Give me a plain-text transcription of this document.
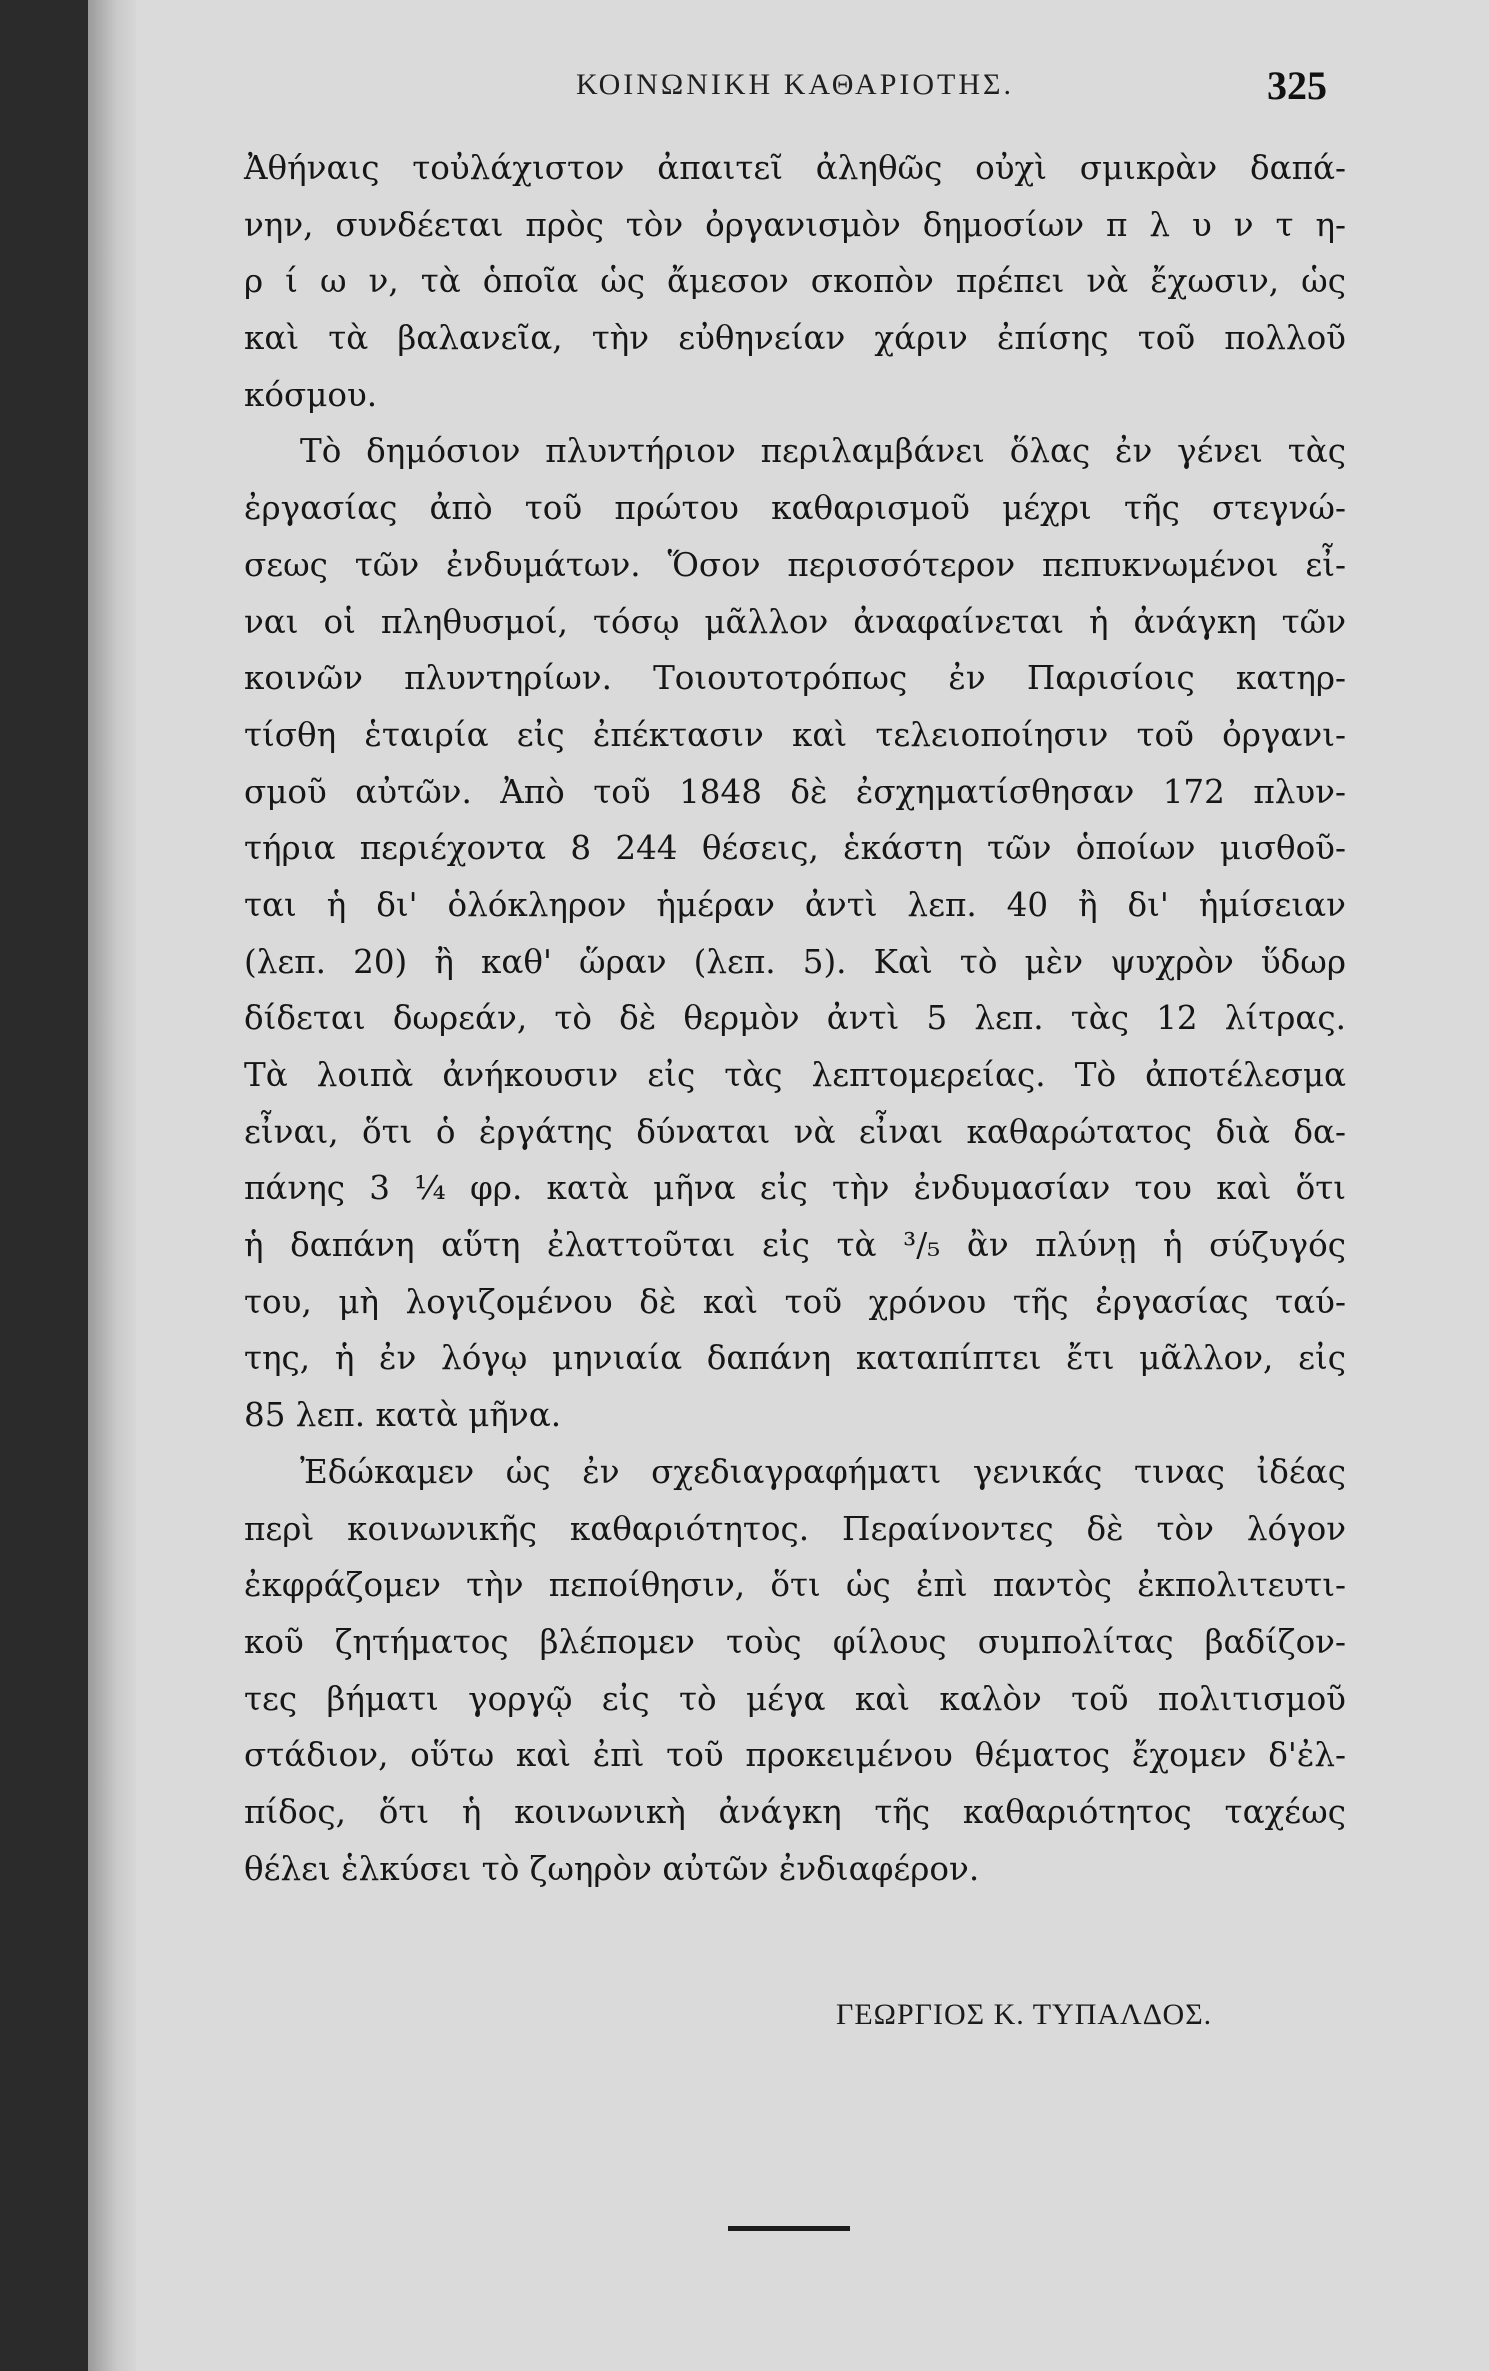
ΚΟΙΝΩΝΙΚΗ ΚΑΘΑΡΙΟΤΗΣ.	325
Ἀθήναις τοὐλάχιστον ἀπαιτεῖ ἀληθῶς οὐχὶ σμικρὰν δαπά-
νην, συνδέεται πρὸς τὸν ὀργανισμὸν δημοσίων π λ υ ν τ η-
ρ ί ω ν, τὰ ὁποῖα ὡς ἄμεσον σκοπὸν πρέπει νὰ ἔχωσιν, ὡς
καὶ τὰ βαλανεῖα, τὴν εὐθηνείαν χάριν ἐπίσης τοῦ πολλοῦ
κόσμου.
Τὸ δημόσιον πλυντήριον περιλαμβάνει ὅλας ἐν γένει τὰς
ἐργασίας ἀπὸ τοῦ πρώτου καθαρισμοῦ μέχρι τῆς στεγνώ-
σεως τῶν ἐνδυμάτων. Ὅσον περισσότερον πεπυκνωμένοι εἶ-
ναι οἱ πληθυσμοί, τόσῳ μᾶλλον ἀναφαίνεται ἡ ἀνάγκη τῶν
κοινῶν πλυντηρίων. Τοιουτοτρόπως ἐν Παρισίοις κατηρ-
τίσθη ἑταιρία εἰς ἐπέκτασιν καὶ τελειοποίησιν τοῦ ὀργανι-
σμοῦ αὐτῶν. Ἀπὸ τοῦ 1848 δὲ ἐσχηματίσθησαν 172 πλυν-
τήρια περιέχοντα 8 244 θέσεις, ἑκάστη τῶν ὁποίων μισθοῦ-
ται ἡ δι' ὁλόκληρον ἡμέραν ἀντὶ λεπ. 40 ἢ δι' ἡμίσειαν
(λεπ. 20) ἢ καθ' ὥραν (λεπ. 5). Καὶ τὸ μὲν ψυχρὸν ὕδωρ
δίδεται δωρεάν, τὸ δὲ θερμὸν ἀντὶ 5 λεπ. τὰς 12 λίτρας.
Τὰ λοιπὰ ἀνήκουσιν εἰς τὰς λεπτομερείας. Τὸ ἀποτέλεσμα
εἶναι, ὅτι ὁ ἐργάτης δύναται νὰ εἶναι καθαρώτατος διὰ δα-
πάνης 3 ¼ φρ. κατὰ μῆνα εἰς τὴν ἐνδυμασίαν του καὶ ὅτι
ἡ δαπάνη αὕτη ἐλαττοῦται εἰς τὰ ³/₅ ἂν πλύνῃ ἡ σύζυγός
του, μὴ λογιζομένου δὲ καὶ τοῦ χρόνου τῆς ἐργασίας ταύ-
της, ἡ ἐν λόγῳ μηνιαία δαπάνη καταπίπτει ἔτι μᾶλλον, εἰς
85 λεπ. κατὰ μῆνα.
Ἐδώκαμεν ὡς ἐν σχεδιαγραφήματι γενικάς τινας ἰδέας
περὶ κοινωνικῆς καθαριότητος. Περαίνοντες δὲ τὸν λόγον
ἐκφράζομεν τὴν πεποίθησιν, ὅτι ὡς ἐπὶ παντὸς ἐκπολιτευτι-
κοῦ ζητήματος βλέπομεν τοὺς φίλους συμπολίτας βαδίζον-
τες βήματι γοργῷ εἰς τὸ μέγα καὶ καλὸν τοῦ πολιτισμοῦ
στάδιον, οὕτω καὶ ἐπὶ τοῦ προκειμένου θέματος ἔχομεν δ'ἐλ-
πίδος, ὅτι ἡ κοινωνικὴ ἀνάγκη τῆς καθαριότητος ταχέως
θέλει ἑλκύσει τὸ ζωηρὸν αὐτῶν ἐνδιαφέρον.
ΓΕΩΡΓΙΟΣ Κ. ΤΥΠΑΛΔΟΣ.
